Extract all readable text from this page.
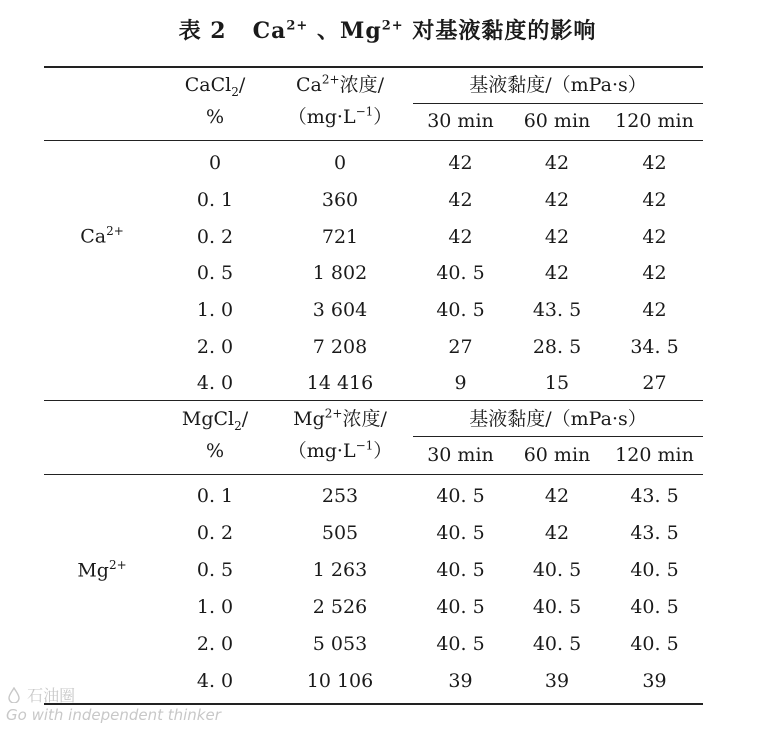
表 2 $Ca^{2+}$ 、$Mg^{2+}$ 对基液黏度的影响
$Ca^{2+}$
CaCl$_2$/
%
$Ca^{2+}$浓度/
$(mg\cdot L^{-1})$
基液黏度/（mPa·s）
30 min	60 min	120 min
0	0	42	42	42
0. 1	360	42	42	42
0. 2	721	42	42	42
0. 5	1 802	40. 5	42	42
1. 0	3 604	40. 5	43. 5	42
2. 0	7 208	27	28. 5	34. 5
4. 0	14 416	9	15	27
$Mg^{2+}$
MgCl$_2$/
%
$Mg^{2+}$浓度/
$(mg\cdot L^{-1})$
基液黏度/（mPa·s）
30 min	60 min	120 min
0. 1	253	40. 5	42	43. 5
0. 2	505	40. 5	42	43. 5
0. 5	1 263	40. 5	40. 5	40. 5
1. 0	2 526	40. 5	40. 5	40. 5
2. 0	5 053	40. 5	40. 5	40. 5
4. 0	10 106	39	39	39
石油圈
Go with independent thinker
